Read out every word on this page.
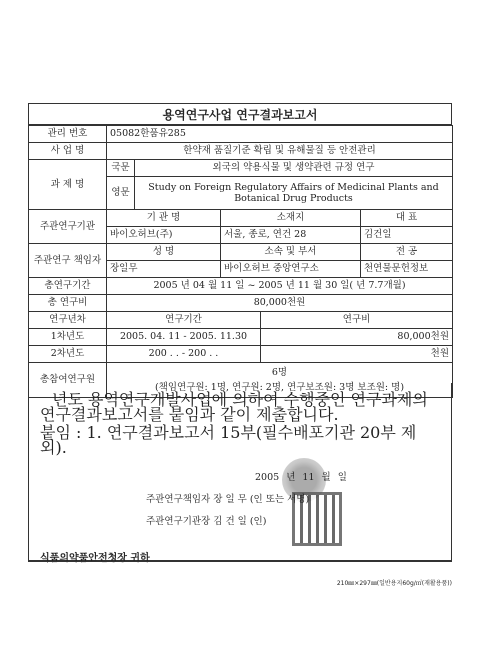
용역연구사업 연구결과보고서
관리 번호	05082한품유285				
사 업 명	한약재 품질기준 확립 및 유해물질 등 안전관리				
과 제 명	국문	외국의 약용식물 및 생약관련 규정 연구			
	영문	Study on Foreign Regulatory Affairs of Medicinal Plants and Botanical Drug Products			
주관연구기관	기 관 명		소재지		대 표
	바이오허브(주)		서울, 종로, 연건 28		김건일
주관연구 책임자	성 명		소속 및 부서		전 공
	장일무		바이오허브 중앙연구소		천연물문헌정보
총연구기간	2005 년 04 월 11 일 ~ 2005 년 11 월 30 일( 년 7.7개월)				
총 연구비	80,000천원				
연구년차	연구기간			연구비	
1차년도	2005. 04. 11 - 2005. 11.30			80,000천원	
2차년도	200 . . - 200 . .			천원	
총참여연구원	6명
(책임연구원: 1명, 연구원: 2명, 연구보조원: 3명 보조원: 명)				
년도 용역연구개발사업에 의하여 수행중인 연구과제의 연구결과보고서를 붙임과 같이 제출합니다.
붙임 : 1. 연구결과보고서 15부(필수배포기관 20부 제외).
2005 년 11 월 일
주관연구책임자 장 일 무 (인 또는 서명)
주관연구기관장 김 건 일 (인)
식품의약품안전청장 귀하
210㎜×297㎜(일반용지60g/㎡(재활용품))
